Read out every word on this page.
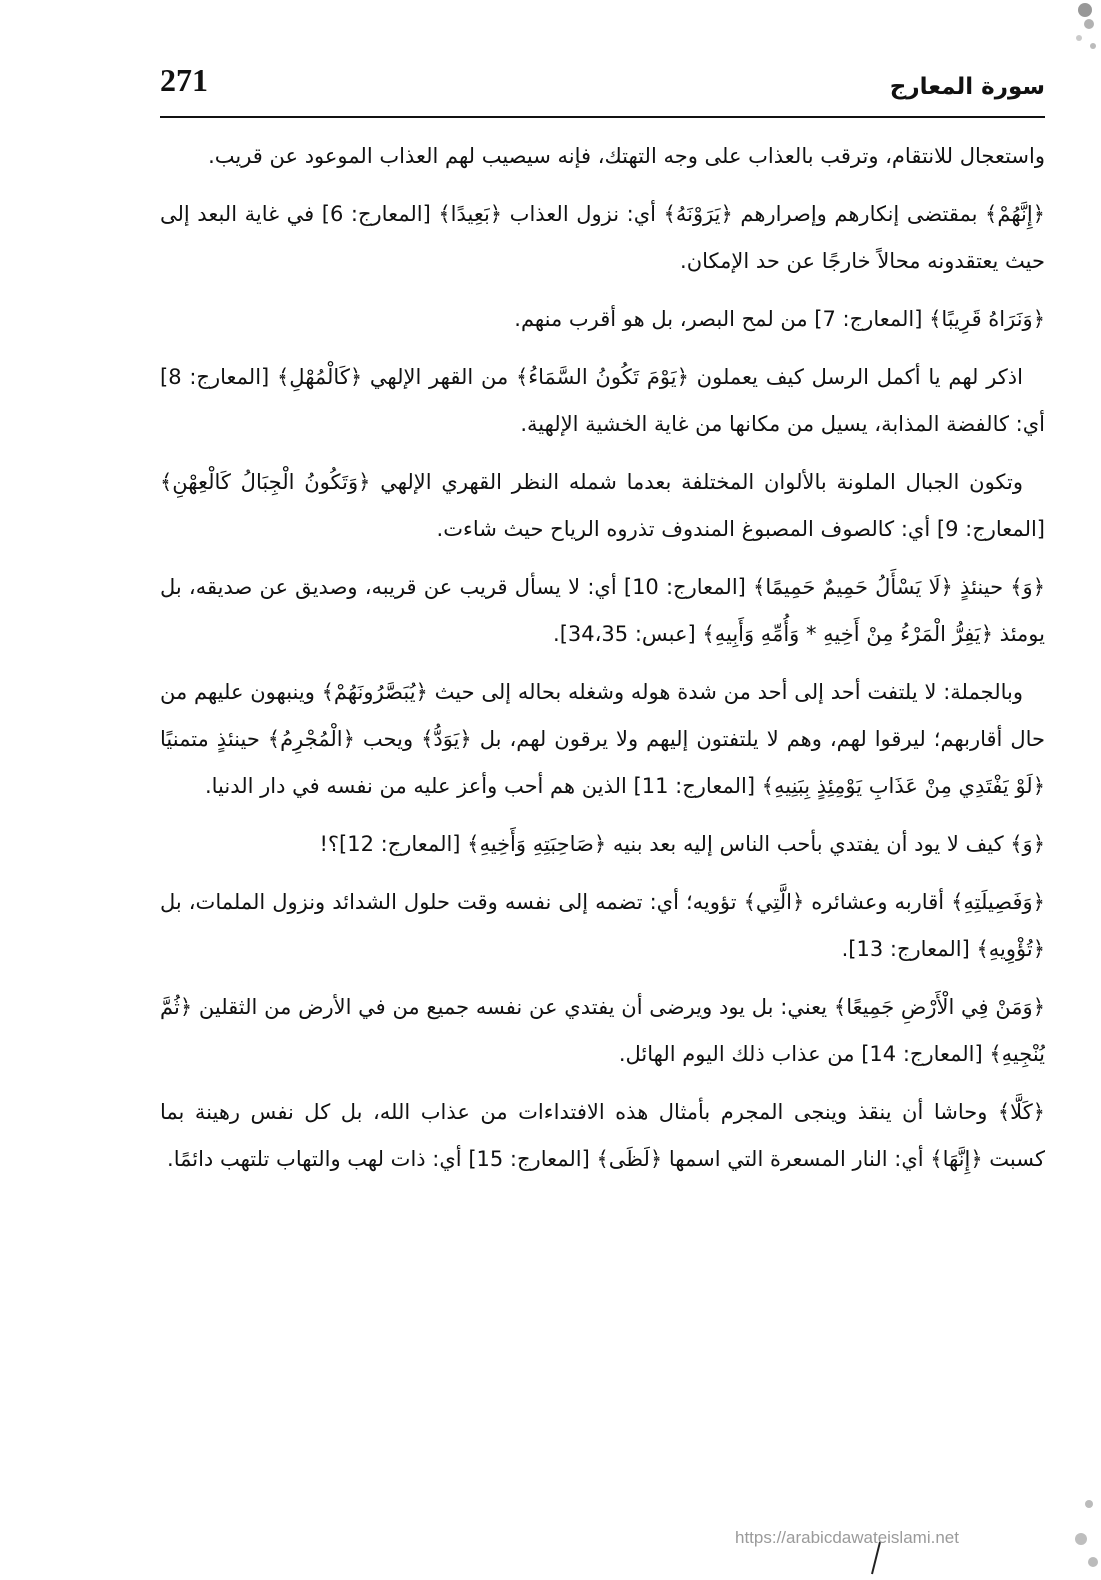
271	سورة المعارج

واستعجال للانتقام، وترقب بالعذاب على وجه التهتك، فإنه سيصيب لهم العذاب الموعود عن قريب.

﴿إِنَّهُمْ﴾ بمقتضى إنكارهم وإصرارهم ﴿يَرَوْنَهُ﴾ أي: نزول العذاب ﴿بَعِيدًا﴾ [المعارج: 6] في غاية البعد إلى حيث يعتقدونه محالاً خارجًا عن حد الإمكان.

﴿وَنَرَاهُ قَرِيبًا﴾ [المعارج: 7] من لمح البصر، بل هو أقرب منهم.

اذكر لهم يا أكمل الرسل كيف يعملون ﴿يَوْمَ تَكُونُ السَّمَاءُ﴾ من القهر الإلهي ﴿كَالْمُهْلِ﴾ [المعارج: 8] أي: كالفضة المذابة، يسيل من مكانها من غاية الخشية الإلهية.

وتكون الجبال الملونة بالألوان المختلفة بعدما شمله النظر القهري الإلهي ﴿وَتَكُونُ الْجِبَالُ كَالْعِهْنِ﴾ [المعارج: 9] أي: كالصوف المصبوغ المندوف تذروه الرياح حيث شاءت.

﴿وَ﴾ حينئذٍ ﴿لَا يَسْأَلُ حَمِيمٌ حَمِيمًا﴾ [المعارج: 10] أي: لا يسأل قريب عن قريبه، وصديق عن صديقه، بل يومئذ ﴿يَفِرُّ الْمَرْءُ مِنْ أَخِيهِ * وَأُمِّهِ وَأَبِيهِ﴾ [عبس: 34،35].

وبالجملة: لا يلتفت أحد إلى أحد من شدة هوله وشغله بحاله إلى حيث ﴿يُبَصَّرُونَهُمْ﴾ وينبهون عليهم من حال أقاربهم؛ ليرقوا لهم، وهم لا يلتفتون إليهم ولا يرقون لهم، بل ﴿يَوَدُّ﴾ ويحب ﴿الْمُجْرِمُ﴾ حينئذٍ متمنيًا ﴿لَوْ يَفْتَدِي مِنْ عَذَابِ يَوْمِئِذٍ بِبَنِيهِ﴾ [المعارج: 11] الذين هم أحب وأعز عليه من نفسه في دار الدنيا.

﴿وَ﴾ كيف لا يود أن يفتدي بأحب الناس إليه بعد بنيه ﴿صَاحِبَتِهِ وَأَخِيهِ﴾ [المعارج: 12]؟!

﴿وَفَصِيلَتِهِ﴾ أقاربه وعشائره ﴿الَّتِي﴾ تؤويه؛ أي: تضمه إلى نفسه وقت حلول الشدائد ونزول الملمات، بل ﴿تُؤْوِيهِ﴾ [المعارج: 13].

﴿وَمَنْ فِي الْأَرْضِ جَمِيعًا﴾ يعني: بل يود ويرضى أن يفتدي عن نفسه جميع من في الأرض من الثقلين ﴿ثُمَّ يُنْجِيهِ﴾ [المعارج: 14] من عذاب ذلك اليوم الهائل.

﴿كَلَّا﴾ وحاشا أن ينقذ وينجى المجرم بأمثال هذه الافتداءات من عذاب الله، بل كل نفس رهينة بما كسبت ﴿إِنَّهَا﴾ أي: النار المسعرة التي اسمها ﴿لَظَى﴾ [المعارج: 15] أي: ذات لهب والتهاب تلتهب دائمًا.

https://arabicdawateislami.net
